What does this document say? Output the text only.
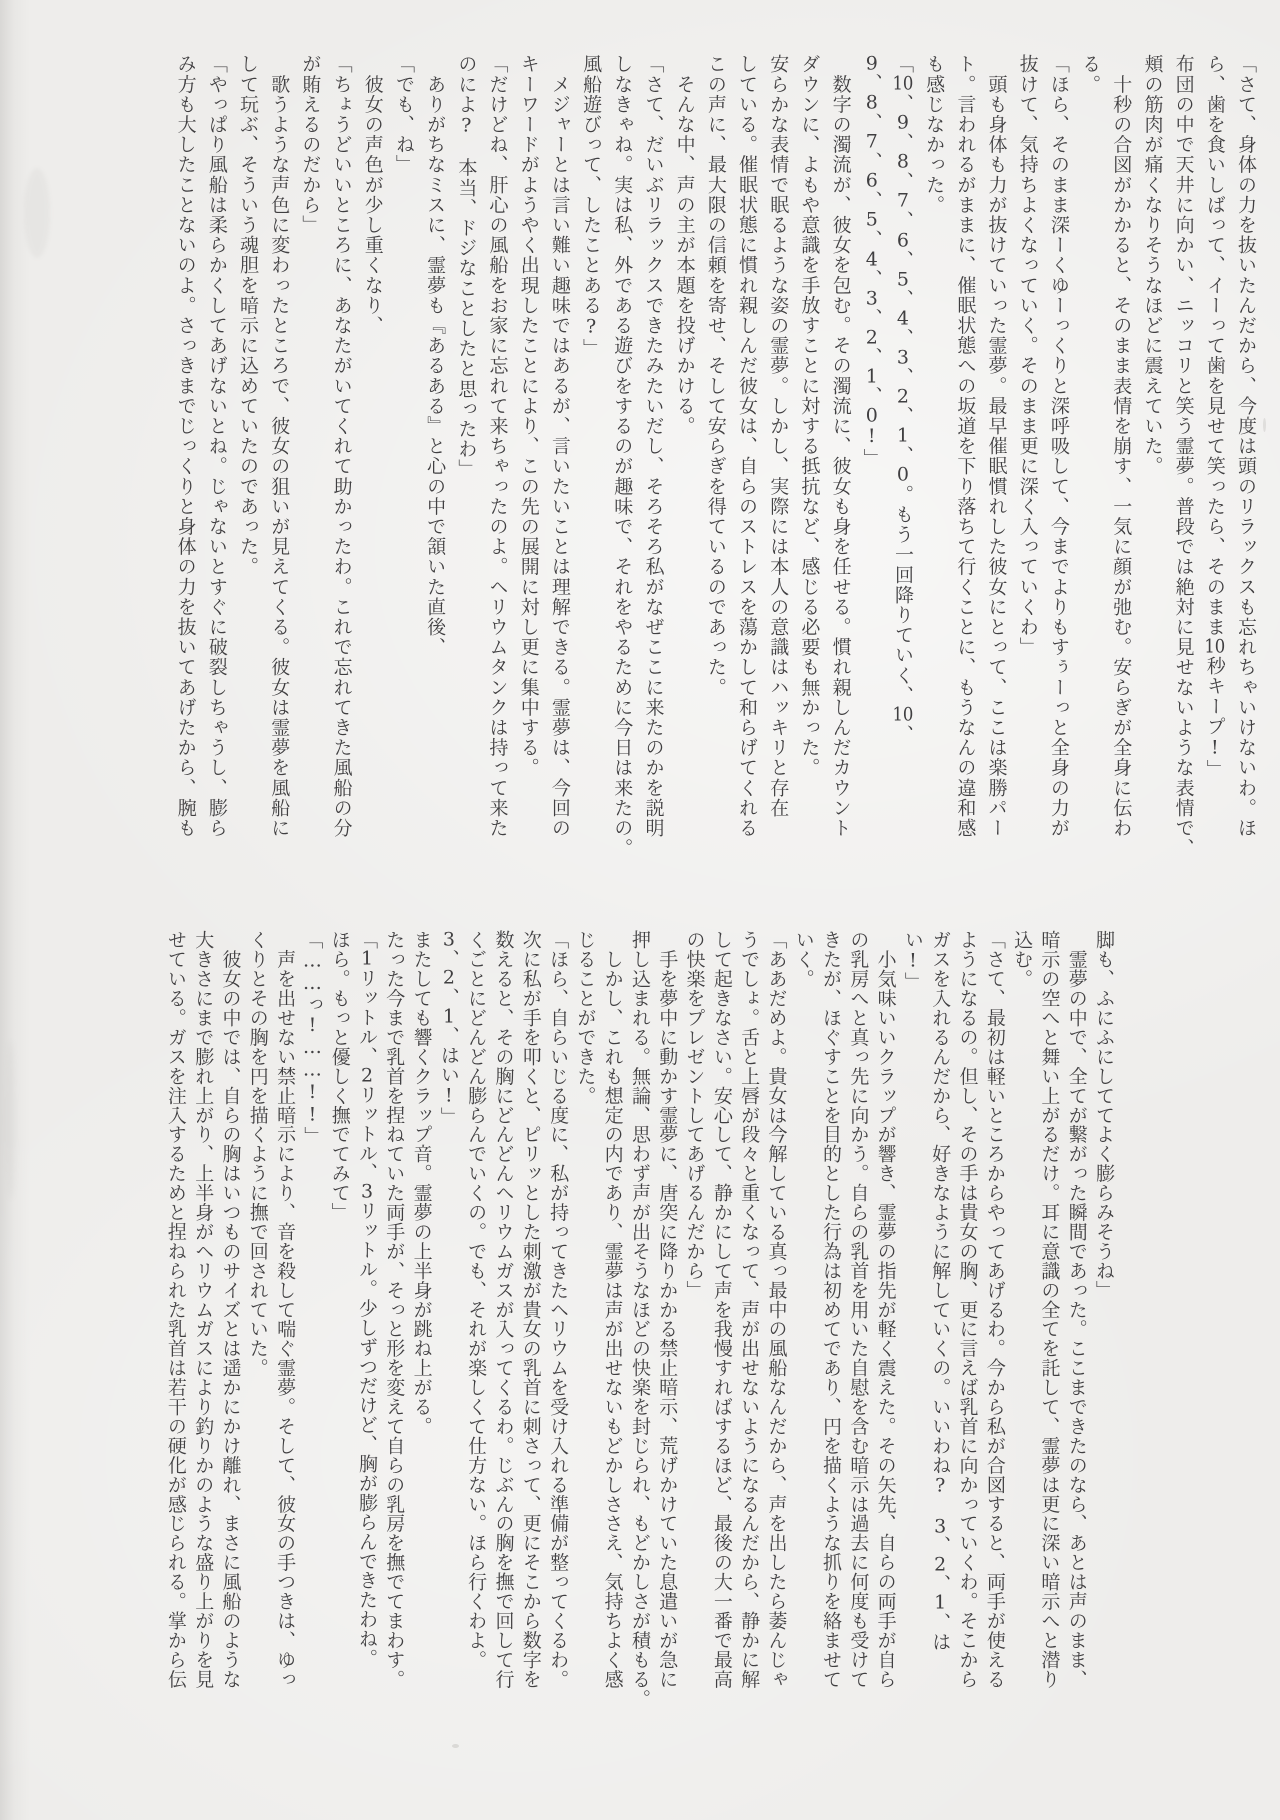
「さて、身体の力を抜いたんだから、今度は頭のリラックスも忘れちゃいけないわ。ほ
ら、歯を食いしばって、イーって歯を見せて笑ったら、そのまま10秒キープ!」
布団の中で天井に向かい、ニッコリと笑う霊夢。普段では絶対に見せないような表情で、
頬の筋肉が痛くなりそうなほどに震えていた。
　十秒の合図がかかると、そのまま表情を崩す、一気に顔が弛む。安らぎが全身に伝わ
る。
「ほら、そのまま深ーくゆーっくりと深呼吸して、今までよりもすぅーっと全身の力が
抜けて、気持ちよくなっていく。そのまま更に深く入っていくわ」
　頭も身体も力が抜けていった霊夢。最早催眠慣れした彼女にとって、ここは楽勝パー
ト。言われるがままに、催眠状態への坂道を下り落ちて行くことに、もうなんの違和感
も感じなかった。
「10、9、8、7、6、5、4、3、2、1、0。もう一回降りていく、10、
9、8、7、6、5、4、3、2、1、0!」
　数字の濁流が、彼女を包む。その濁流に、彼女も身を任せる。慣れ親しんだカウント
ダウンに、よもや意識を手放すことに対する抵抗など、感じる必要も無かった。
安らかな表情で眠るような姿の霊夢。しかし、実際には本人の意識はハッキリと存在
している。催眠状態に慣れ親しんだ彼女は、自らのストレスを蕩かして和らげてくれる
この声に、最大限の信頼を寄せ、そして安らぎを得ているのであった。
　そんな中、声の主が本題を投げかける。
「さて、だいぶリラックスできたみたいだし、そろそろ私がなぜここに来たのかを説明
しなきゃね。実は私、外である遊びをするのが趣味で、それをやるために今日は来たの。
風船遊びって、したことある?」
　メジャーとは言い難い趣味ではあるが、言いたいことは理解できる。霊夢は、今回の
キーワードがようやく出現したことにより、この先の展開に対し更に集中する。
「だけどね、肝心の風船をお家に忘れて来ちゃったのよ。ヘリウムタンクは持って来た
のによ?　本当、ドジなことしたと思ったわ」
　ありがちなミスに、霊夢も『あるある』と心の中で頷いた直後、
「でも、ね」
　彼女の声色が少し重くなり、
「ちょうどいいところに、あなたがいてくれて助かったわ。これで忘れてきた風船の分
が賄えるのだから」
　歌うような声色に変わったところで、彼女の狙いが見えてくる。彼女は霊夢を風船に
して玩ぶ、そういう魂胆を暗示に込めていたのであった。
「やっぱり風船は柔らかくしてあげないとね。じゃないとすぐに破裂しちゃうし、膨ら
み方も大したことないのよ。さっきまでじっくりと身体の力を抜いてあげたから、腕も
脚も、ふにふにしててよく膨らみそうね」
　霊夢の中で、全てが繋がった瞬間であった。ここまできたのなら、あとは声のまま、
暗示の空へと舞い上がるだけ。耳に意識の全てを託して、霊夢は更に深い暗示へと潜り
込む。
「さて、最初は軽いところからやってあげるわ。今から私が合図すると、両手が使える
ようになるの。但し、その手は貴女の胸、更に言えば乳首に向かっていくわ。そこから
ガスを入れるんだから、好きなように解していくの。いいわね?　3、2、1、は
い!」
　小気味いいクラップが響き、霊夢の指先が軽く震えた。その矢先、自らの両手が自ら
の乳房へと真っ先に向かう。自らの乳首を用いた自慰を含む暗示は過去に何度も受けて
きたが、ほぐすことを目的とした行為は初めてであり、円を描くような抓りを絡ませて
いく。
「ああだめよ。貴女は今解している真っ最中の風船なんだから、声を出したら萎んじゃ
うでしょ。舌と上唇が段々と重くなって、声が出せないようになるんだから、静かに解
して起きなさい。安心して、静かにして声を我慢すればするほど、最後の大一番で最高
の快楽をプレゼントしてあげるんだから」
　手を夢中に動かす霊夢に、唐突に降りかかる禁止暗示、荒げかけていた息遣いが急に
押し込まれる。無論、思わず声が出そうなほどの快楽を封じられ、もどかしさが積もる。
　しかし、これも想定の内であり、霊夢は声が出せないもどかしささえ、気持ちよく感
じることができた。
「ほら、自らいじる度に、私が持ってきたヘリウムを受け入れる準備が整ってくるわ。
次に私が手を叩くと、ピリッとした刺激が貴女の乳首に刺さって、更にそこから数字を
数えると、その胸にどんどんヘリウムガスが入ってくるわ。じぶんの胸を撫で回して行
くごとにどんどん膨らんでいくの。でも、それが楽しくて仕方ない。ほら行くわよ。
3、2、1、はい!」
またしても響くクラップ音。霊夢の上半身が跳ね上がる。
たった今まで乳首を捏ねていた両手が、そっと形を変えて自らの乳房を撫でてまわす。
「1リットル、2リットル、3リットル。少しずつだけど、胸が膨らんできたわね。
ほら。もっと優しく撫でてみて」
「……っ!……!!」
　声を出せない禁止暗示により、音を殺して喘ぐ霊夢。そして、彼女の手つきは、ゆっ
くりとその胸を円を描くように撫で回されていた。
　彼女の中では、自らの胸はいつものサイズとは遥かにかけ離れ、まさに風船のような
大きさにまで膨れ上がり、上半身がヘリウムガスにより釣りかのような盛り上がりを見
せている。ガスを注入するためと捏ねられた乳首は若干の硬化が感じられる。掌から伝
